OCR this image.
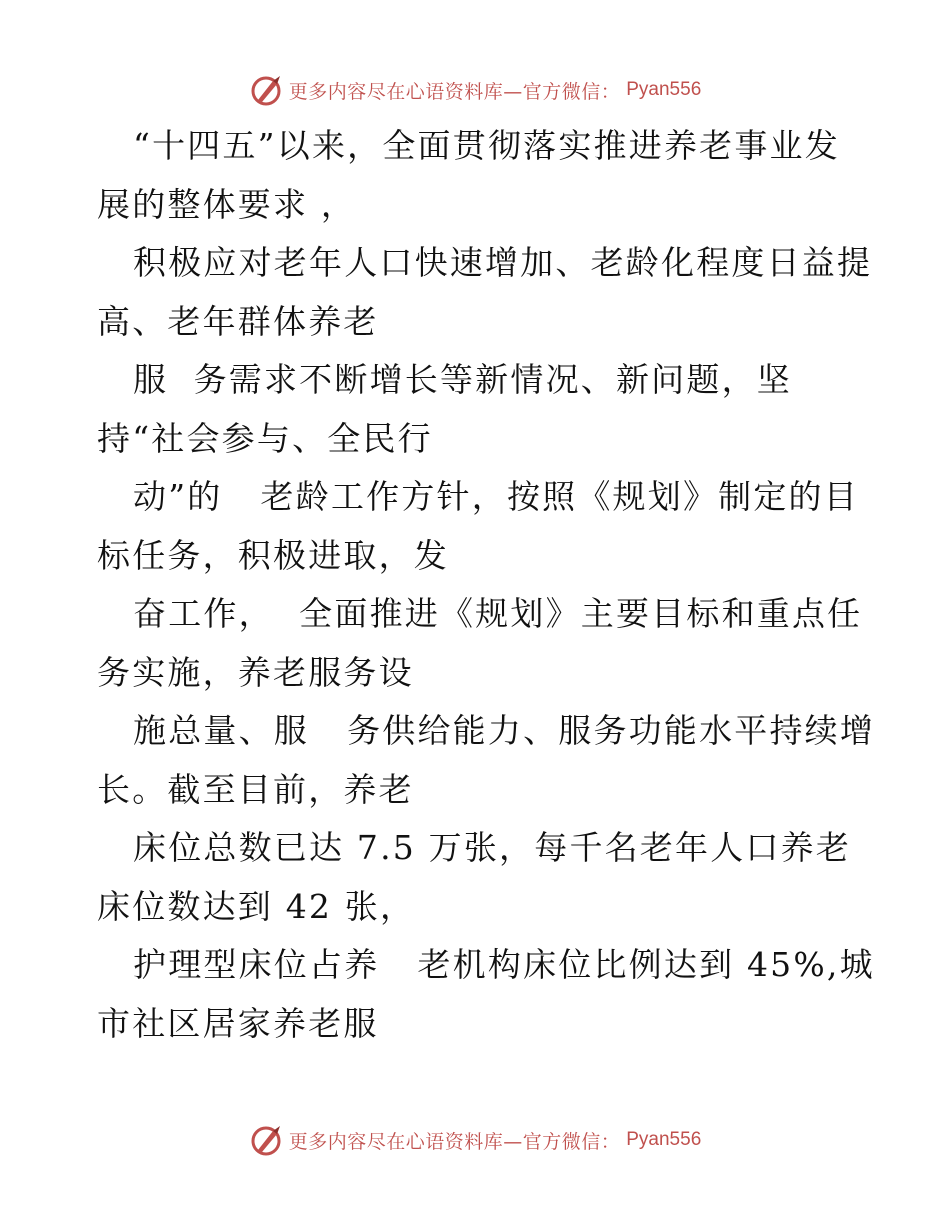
更多内容尽在心语资料库—官方微信： Pyan556
“十四五”以来，全面贯彻落实推进养老事业发
展的整体要求 ，
积极应对老年人口快速增加、老龄化程度日益提
高、老年群体养老
服  务需求不断增长等新情况、新问题，坚
持“社会参与、全民行
动”的   老龄工作方针，按照《规划》制定的目
标任务，积极进取，发
奋工作，  全面推进《规划》主要目标和重点任
务实施，养老服务设
施总量、服   务供给能力、服务功能水平持续增
长。截至目前，养老
床位总数已达 7.5 万张，每千名老年人口养老
床位数达到 42 张，
护理型床位占养   老机构床位比例达到 45%,城
市社区居家养老服
更多内容尽在心语资料库—官方微信： Pyan556
